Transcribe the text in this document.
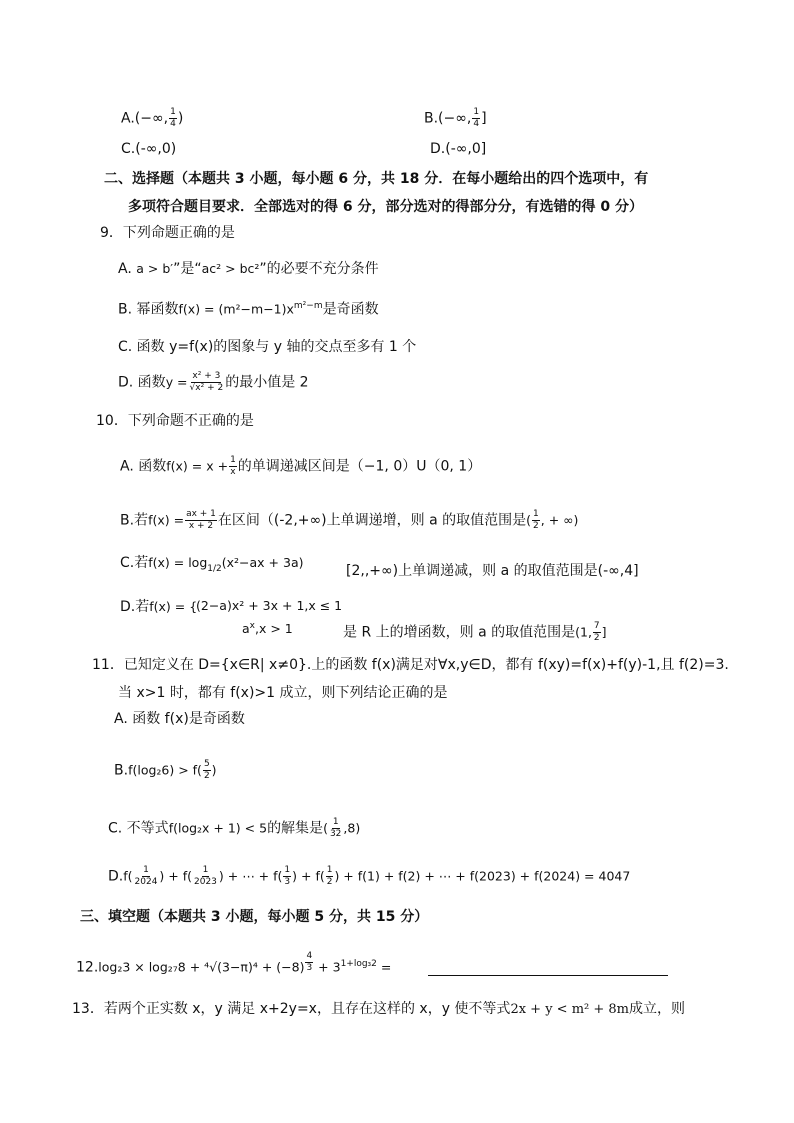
A.(−∞, $\frac{1}{4}$ )	B.(−∞, $\frac{1}{4}$ ]
C.(-∞,0)	D.(-∞,0]
二、选择题（本题共 3 小题，每小题 6 分，共 18 分．在每小题给出的四个选项中，有
多项符合题目要求．全部选对的得 6 分，部分选对的得部分分，有选错的得 0 分）
9．下列命题正确的是
A. a > b′”是“ac² > bc²”的必要不充分条件
B. 幂函数$f(x) = (m^2-m-1)x^{m^2-m}$是奇函数
C. 函数 y=f(x)的图象与 y 轴的交点至多有 1 个
D. 函数$y = \frac{\text{x² + 3}}{\text{√x² + 2}}$ 的最小值是 2
10．下列命题不正确的是
A. 函数$f(x) = x + \frac{1}{x}$ 的单调递减区间是（−1, 0）U（0, 1）
B.若$f(x) = \frac{ax + 1}{x + 2}$ 在区间（(-2,+∞)上单调递增，则 a 的取值范围是( $\frac{1}{2}$ , + ∞)
C.若$f(x) = \log_{1/2}(x^2-ax + 3a)$
[2,,+∞)上单调递减，则 a 的取值范围是(-∞,4]
D.若f(x) = {
(2−a)x² + 3x + 1,x ≤ 1
$a^x,x > 1$	是 R 上的增函数，则 a 的取值范围是(1, $\frac{7}{2}$ ]
11．已知定义在 D={x∈R| x≠0}.上的函数 f(x)满足对∀x,y∈D，都有 f(xy)=f(x)+f(y)-1,且 f(2)=3.
当 x>1 时，都有 f(x)>1 成立，则下列结论正确的是
A. 函数 f(x)是奇函数
$B.f(\log_26) > f( \frac{5}{2}$ )
C. 不等式f(log₂x + 1) < 5的解集是( $\frac{1}{32} ,8$)
$D.f( \frac{1}{2024}$ ) + $f( \frac{1}{2023}$ ) + ⋯ + $f( \frac{1}{3}$ ) + $f( \frac{1}{2}$ ) + f(1) + f(2) + ⋯ + f(2023) + f(2024) = 4047
三、填空题（本题共 3 小题，每小题 5 分，共 15 分）
12.log₂3 × log₂₇8 + ⁴√(3−π)⁴ + (−8) $^{\frac{4}{3}} + 3^{1+log_32}$ =
13．若两个正实数 x，y 满足 x+2y=x，且存在这样的 x，y 使不等式2x + y < m² + 8m成立，则
